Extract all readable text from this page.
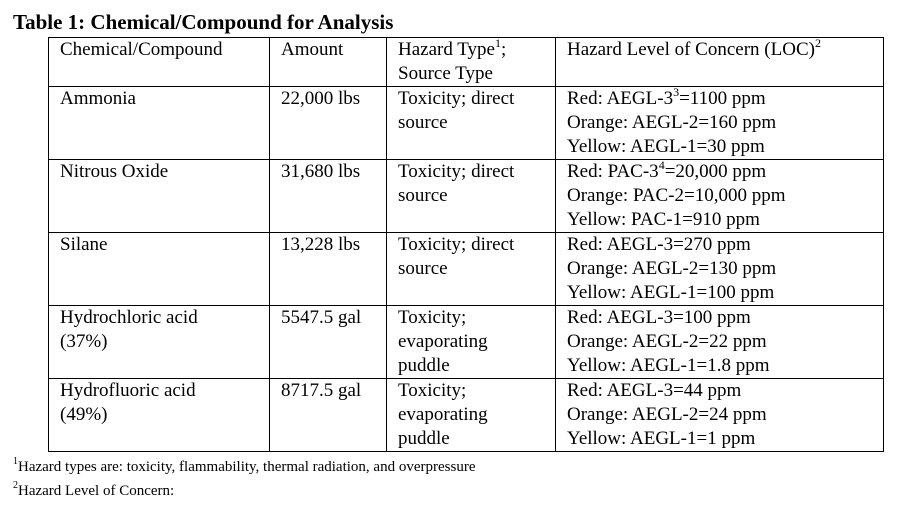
Table 1: Chemical/Compound for Analysis
Chemical/Compound	Amount	Hazard Type$^1$;
Source Type	Hazard Level of Concern (LOC)$^2$

Ammonia	22,000 lbs	Toxicity; direct
source	Red: AEGL-$3^3=1100$ ppm
Orange: AEGL-2=160 ppm
Yellow: AEGL-1=30 ppm

Nitrous Oxide	31,680 lbs	Toxicity; direct
source	Red: PAC-$3^4=20,000$ ppm
Orange: PAC-2=10,000 ppm
Yellow: PAC-1=910 ppm

Silane	13,228 lbs	Toxicity; direct
source	Red: AEGL-3=270 ppm
Orange: AEGL-2=130 ppm
Yellow: AEGL-1=100 ppm

Hydrochloric acid
(37%)	5547.5 gal	Toxicity;
evaporating
puddle	Red: AEGL-3=100 ppm
Orange: AEGL-2=22 ppm
Yellow: AEGL-1=1.8 ppm

Hydrofluoric acid
(49%)	8717.5 gal	Toxicity;
evaporating
puddle	Red: AEGL-3=44 ppm
Orange: AEGL-2=24 ppm
Yellow: AEGL-1=1 ppm
$^1$Hazard types are: toxicity, flammability, thermal radiation, and overpressure
$^2$Hazard Level of Concern:
